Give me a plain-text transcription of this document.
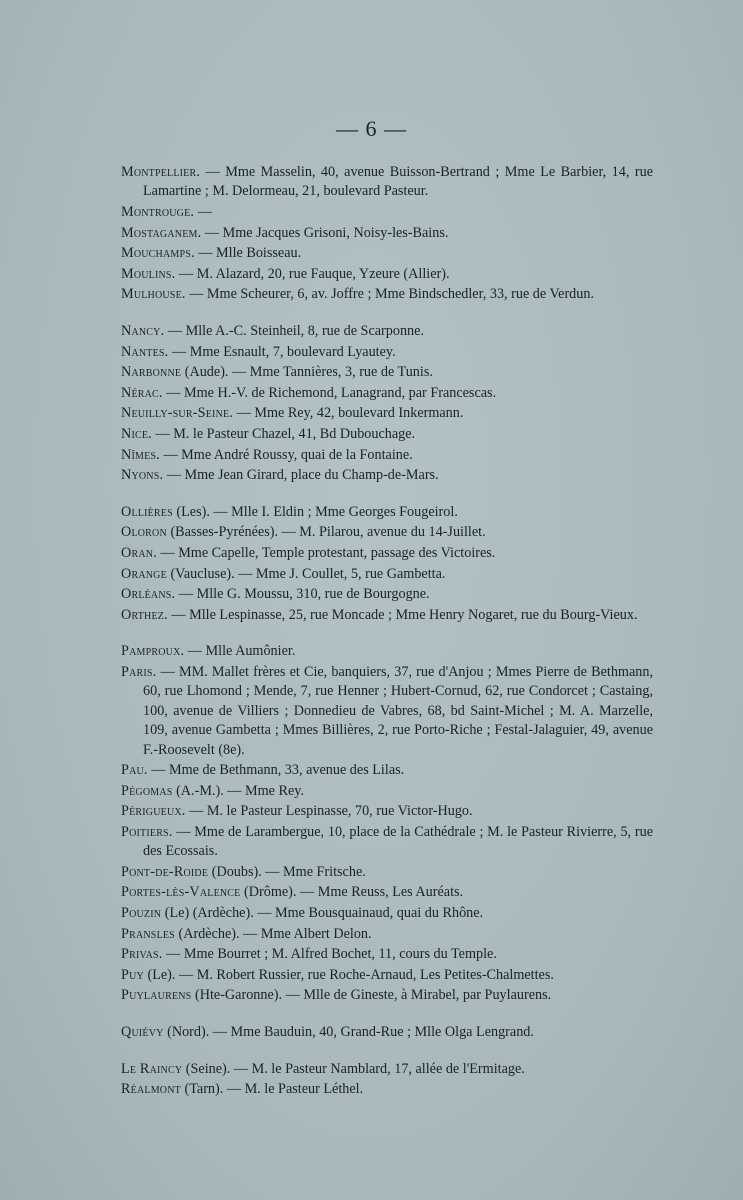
— 6 —

Montpellier. — Mme Masselin, 40, avenue Buisson-Bertrand ; Mme Le Barbier, 14, rue Lamartine ; M. Delormeau, 21, boulevard Pasteur.

Montrouge. —

Mostaganem. — Mme Jacques Grisoni, Noisy-les-Bains.

Mouchamps. — Mlle Boisseau.

Moulins. — M. Alazard, 20, rue Fauque, Yzeure (Allier).

Mulhouse. — Mme Scheurer, 6, av. Joffre ; Mme Bindschedler, 33, rue de Verdun.

Nancy. — Mlle A.-C. Steinheil, 8, rue de Scarponne.

Nantes. — Mme Esnault, 7, boulevard Lyautey.

Narbonne (Aude). — Mme Tannières, 3, rue de Tunis.

Nérac. — Mme H.-V. de Richemond, Lanagrand, par Francescas.

Neuilly-sur-Seine. — Mme Rey, 42, boulevard Inkermann.

Nice. — M. le Pasteur Chazel, 41, Bd Dubouchage.

Nîmes. — Mme André Roussy, quai de la Fontaine.

Nyons. — Mme Jean Girard, place du Champ-de-Mars.

Ollières (Les). — Mlle I. Eldin ; Mme Georges Fougeirol.

Oloron (Basses-Pyrénées). — M. Pilarou, avenue du 14-Juillet.

Oran. — Mme Capelle, Temple protestant, passage des Victoires.

Orange (Vaucluse). — Mme J. Coullet, 5, rue Gambetta.

Orléans. — Mlle G. Moussu, 310, rue de Bourgogne.

Orthez. — Mlle Lespinasse, 25, rue Moncade ; Mme Henry Nogaret, rue du Bourg-Vieux.

Pamproux. — Mlle Aumônier.

Paris. — MM. Mallet frères et Cie, banquiers, 37, rue d'Anjou ; Mmes Pierre de Bethmann, 60, rue Lhomond ; Mende, 7, rue Henner ; Hubert-Cornud, 62, rue Condorcet ; Castaing, 100, avenue de Villiers ; Donnedieu de Vabres, 68, bd Saint-Michel ; M. A. Marzelle, 109, avenue Gambetta ; Mmes Billières, 2, rue Porto-Riche ; Festal-Jalaguier, 49, avenue F.-Roosevelt (8e).

Pau. — Mme de Bethmann, 33, avenue des Lilas.

Pégomas (A.-M.). — Mme Rey.

Périgueux. — M. le Pasteur Lespinasse, 70, rue Victor-Hugo.

Poitiers. — Mme de Larambergue, 10, place de la Cathédrale ; M. le Pasteur Rivierre, 5, rue des Ecossais.

Pont-de-Roide (Doubs). — Mme Fritsche.

Portes-lès-Valence (Drôme). — Mme Reuss, Les Auréats.

Pouzin (Le) (Ardèche). — Mme Bousquainaud, quai du Rhône.

Pransles (Ardèche). — Mme Albert Delon.

Privas. — Mme Bourret ; M. Alfred Bochet, 11, cours du Temple.

Puy (Le). — M. Robert Russier, rue Roche-Arnaud, Les Petites-Chalmettes.

Puylaurens (Hte-Garonne). — Mlle de Gineste, à Mirabel, par Puylaurens.

Quiévy (Nord). — Mme Bauduin, 40, Grand-Rue ; Mlle Olga Lengrand.

Le Raincy (Seine). — M. le Pasteur Namblard, 17, allée de l'Ermitage.

Réalmont (Tarn). — M. le Pasteur Léthel.
